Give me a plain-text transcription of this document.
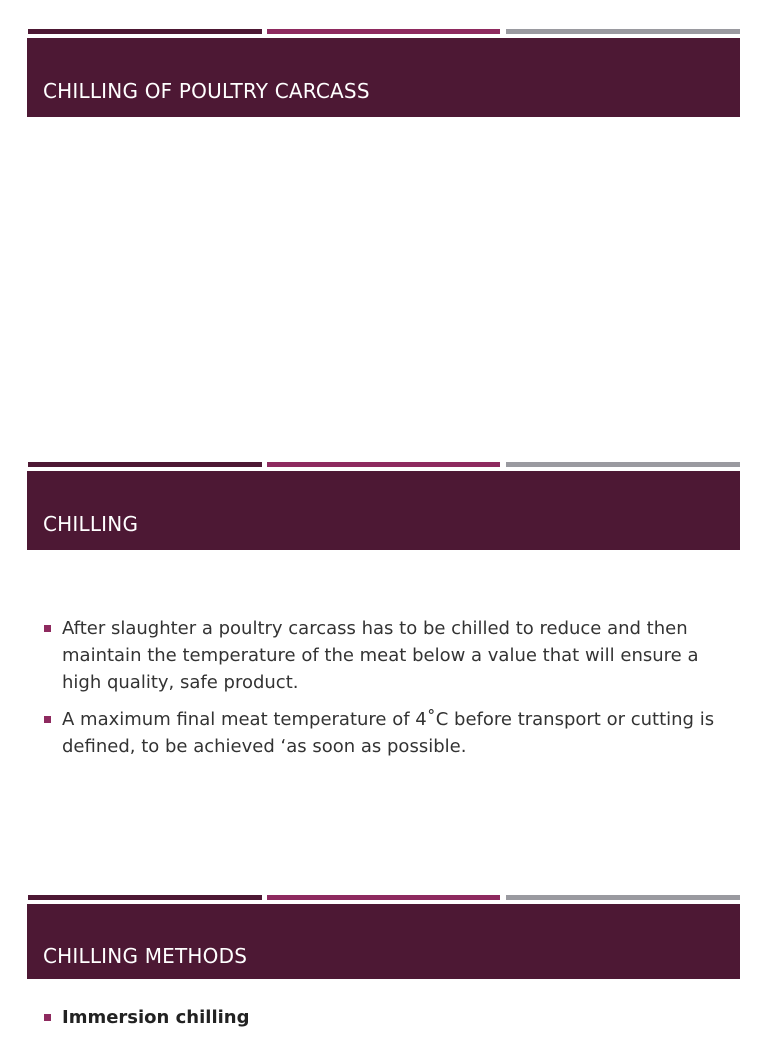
CHILLING OF POULTRY CARCASS
CHILLING
After slaughter a poultry carcass has to be chilled to reduce and then maintain the temperature of the meat below a value that will ensure a high quality, safe product.
A maximum final meat temperature of 4˚C before transport or cutting is defined, to be achieved ‘as soon as possible.
CHILLING METHODS
Immersion chilling
